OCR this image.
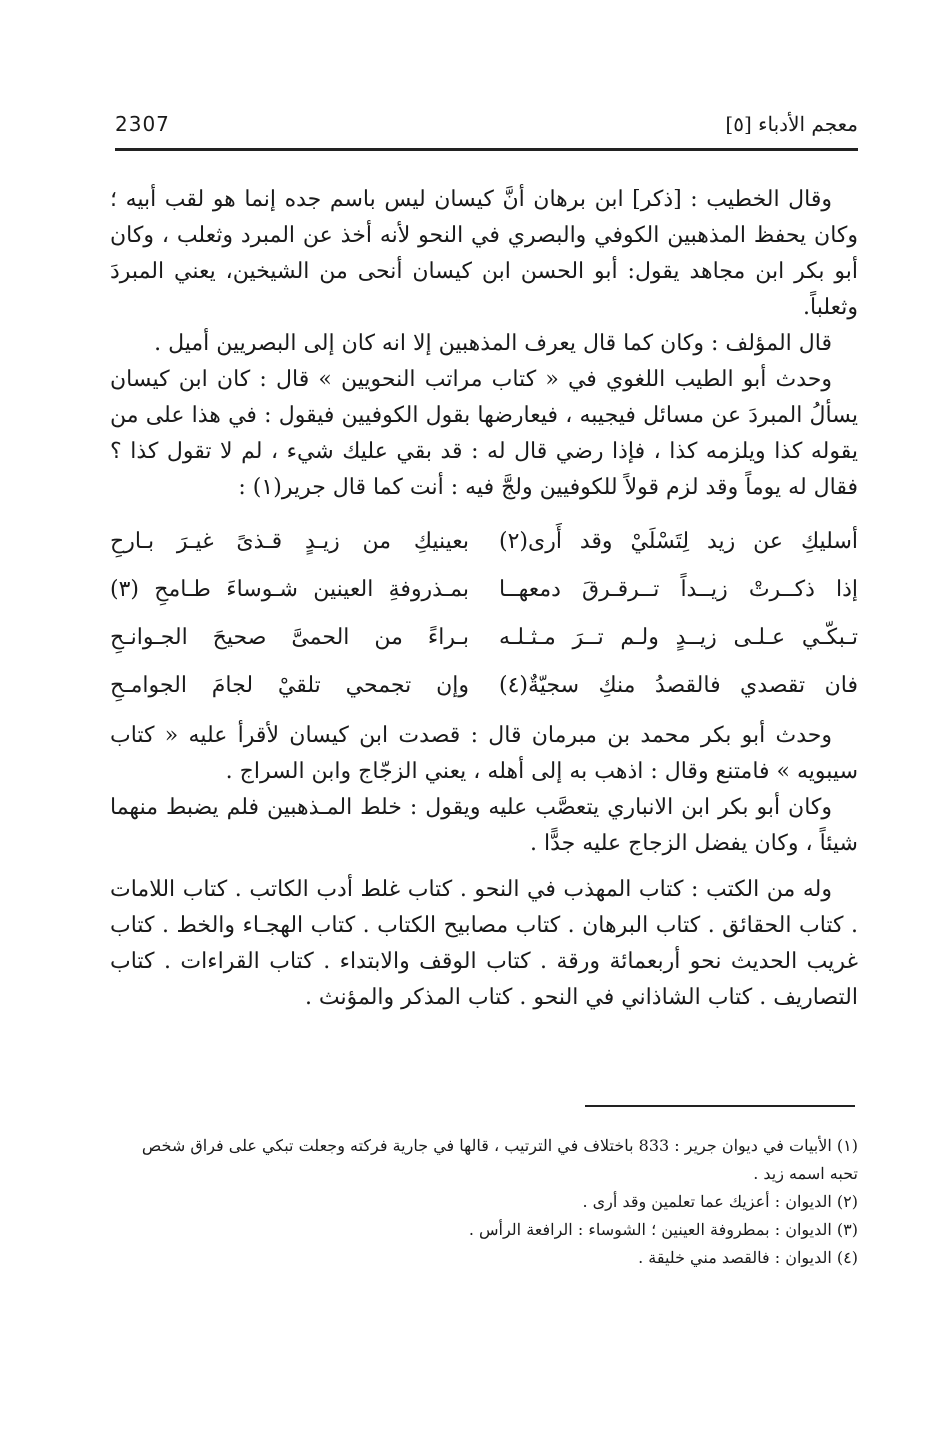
2307	معجم الأدباء [٥]

وقال الخطيب : [ذكر] ابن برهان أنَّ كيسان ليس باسم جده إنما هو لقب أبيه ؛ وكان يحفظ المذهبين الكوفي والبصري في النحو لأنه أخذ عن المبرد وثعلب ، وكان أبو بكر ابن مجاهد يقول: أبو الحسن ابن كيسان أنحى من الشيخين، يعني المبردَ وثعلباً.

قال المؤلف : وكان كما قال يعرف المذهبين إلا انه كان إلى البصريين أميل .

وحدث أبو الطيب اللغوي في « كتاب مراتب النحويين » قال : كان ابن كيسان يسألُ المبردَ عن مسائل فيجيبه ، فيعارضها بقول الكوفيين فيقول : في هذا على من يقوله كذا ويلزمه كذا ، فإذا رضي قال له : قد بقي عليك شيء ، لم لا تقول كذا ؟ فقال له يوماً وقد لزم قولاً للكوفيين ولجَّ فيه : أنت كما قال جرير(١) :

أسليكِ عن زيد لِتَسْلَيْ وقد أَرى(٢)
بعينيكِ من زيـدٍ قـذىً غيـرَ بـارحِ
إذا ذكــرتْ زيــداً تــرقـرقَ دمعهــا
بمـذروفةِ العينين شـوساءَ طـامحِ (٣)
تـبكّـي عـلـى زيــدٍ ولـم تــرَ مـثـلـه
بـراءً من الحمىَّ صحيحَ الجـوانـحِ
فان تقصدي فالقصدُ منكِ سجيّةٌ(٤)
وإن تجمحي تلقيْ لجامَ الجوامـحِ

وحدث أبو بكر محمد بن مبرمان قال : قصدت ابن كيسان لأقرأ عليه « كتاب سيبويه » فامتنع وقال : اذهب به إلى أهله ، يعني الزجّاج وابن السراج .

وكان أبو بكر ابن الانباري يتعصَّب عليه ويقول : خلط المـذهبين فلم يضبط منهما شيئاً ، وكان يفضل الزجاج عليه جدًّا .

وله من الكتب : كتاب المهذب في النحو . كتاب غلط أدب الكاتب . كتاب اللامات . كتاب الحقائق . كتاب البرهان . كتاب مصابيح الكتاب . كتاب الهجـاء والخط . كتاب غريب الحديث نحو أربعمائة ورقة . كتاب الوقف والابتداء . كتاب القراءات . كتاب التصاريف . كتاب الشاذاني في النحو . كتاب المذكر والمؤنث .

(١) الأبيات في ديوان جرير : 833 باختلاف في الترتيب ، قالها في جارية فركته وجعلت تبكي على فراق شخص تحبه اسمه زيد .

(٢) الديوان : أعزيك عما تعلمين وقد أرى .

(٣) الديوان : بمطروفة العينين ؛ الشوساء : الرافعة الرأس .

(٤) الديوان : فالقصد مني خليقة .
